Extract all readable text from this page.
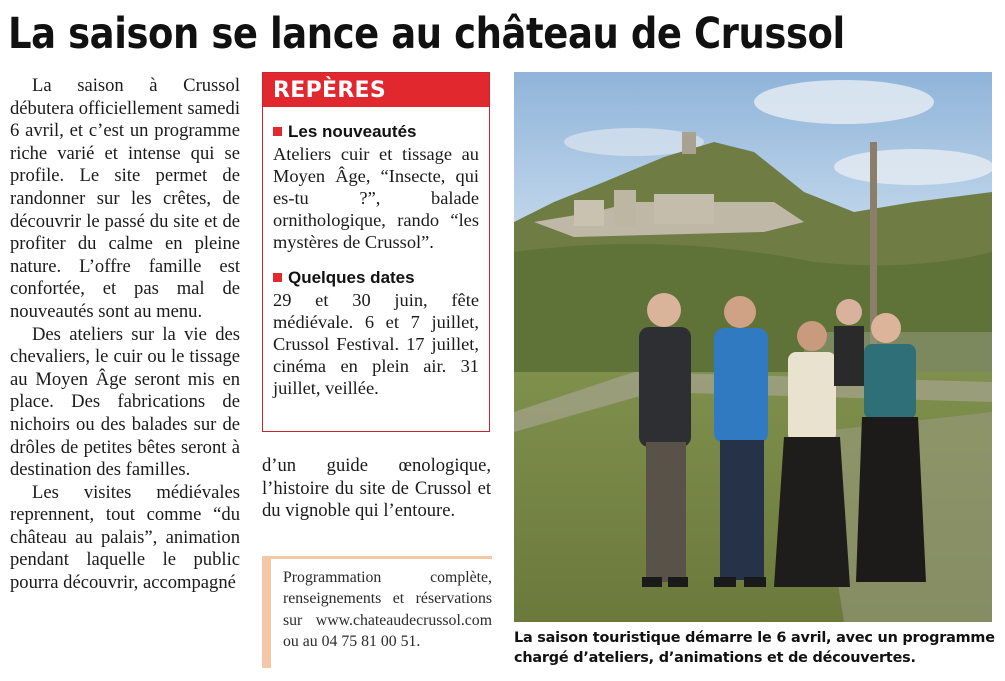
La saison se lance au château de Crussol

La saison à Crussol débutera officiellement samedi 6 avril, et c’est un programme riche varié et intense qui se profile. Le site permet de randonner sur les crêtes, de découvrir le passé du site et de profiter du calme en pleine nature. L’offre famille est confortée, et pas mal de nouveautés sont au menu.

Des ateliers sur la vie des chevaliers, le cuir ou le tissage au Moyen Âge seront mis en place. Des fabrications de nichoirs ou des balades sur de drôles de petites bêtes seront à destination des familles.

Les visites médiévales reprennent, tout comme “du château au palais”, animation pendant laquelle le public pourra découvrir, accompagné

REPÈRES
Les nouveautés
Ateliers cuir et tissage au Moyen Âge, “Insecte, qui es-tu ?”, balade ornithologique, rando “les mystères de Crussol”.
Quelques dates
29 et 30 juin, fête médiévale. 6 et 7 juillet, Crussol Festival. 17 juillet, cinéma en plein air. 31 juillet, veillée.

d’un guide œnologique, l’histoire du site de Crussol et du vignoble qui l’entoure.

Programmation complète, renseignements et réservations sur www.chateaudecrussol.com ou au 04 75 81 00 51.	La saison touristique démarre le 6 avril, avec un programme chargé d’ateliers, d’animations et de découvertes.
